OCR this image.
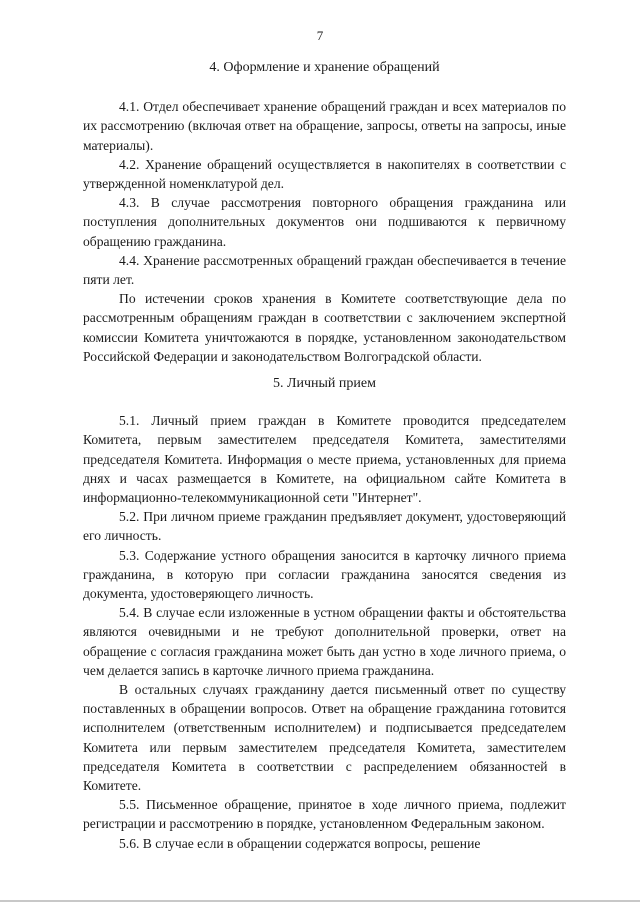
7
4. Оформление и хранение обращений

4.1. Отдел обеспечивает хранение обращений граждан и всех материалов по их рассмотрению (включая ответ на обращение, запросы, ответы на запросы, иные материалы).

4.2. Хранение обращений осуществляется в накопителях в соответствии с утвержденной номенклатурой дел.

4.3. В случае рассмотрения повторного обращения гражданина или поступления дополнительных документов они подшиваются к первичному обращению гражданина.

4.4. Хранение рассмотренных обращений граждан обеспечивается в течение пяти лет.

По истечении сроков хранения в Комитете соответствующие дела по рассмотренным обращениям граждан в соответствии с заключением экспертной комиссии Комитета уничтожаются в порядке, установленном законодательством Российской Федерации и законодательством Волгоградской области.

5. Личный прием

5.1. Личный прием граждан в Комитете проводится председателем Комитета, первым заместителем председателя Комитета, заместителями председателя Комитета. Информация о месте приема, установленных для приема днях и часах размещается в Комитете, на официальном сайте Комитета в информационно-телекоммуникационной сети "Интернет".

5.2. При личном приеме гражданин предъявляет документ, удостоверяющий его личность.

5.3. Содержание устного обращения заносится в карточку личного приема гражданина, в которую при согласии гражданина заносятся сведения из документа, удостоверяющего личность.

5.4. В случае если изложенные в устном обращении факты и обстоятельства являются очевидными и не требуют дополнительной проверки, ответ на обращение с согласия гражданина может быть дан устно в ходе личного приема, о чем делается запись в карточке личного приема гражданина.

В остальных случаях гражданину дается письменный ответ по существу поставленных в обращении вопросов. Ответ на обращение гражданина готовится исполнителем (ответственным исполнителем) и подписывается председателем Комитета или первым заместителем председателя Комитета, заместителем председателя Комитета в соответствии с распределением обязанностей в Комитете.

5.5. Письменное обращение, принятое в ходе личного приема, подлежит регистрации и рассмотрению в порядке, установленном Федеральным законом.

5.6. В случае если в обращении содержатся вопросы, решение
